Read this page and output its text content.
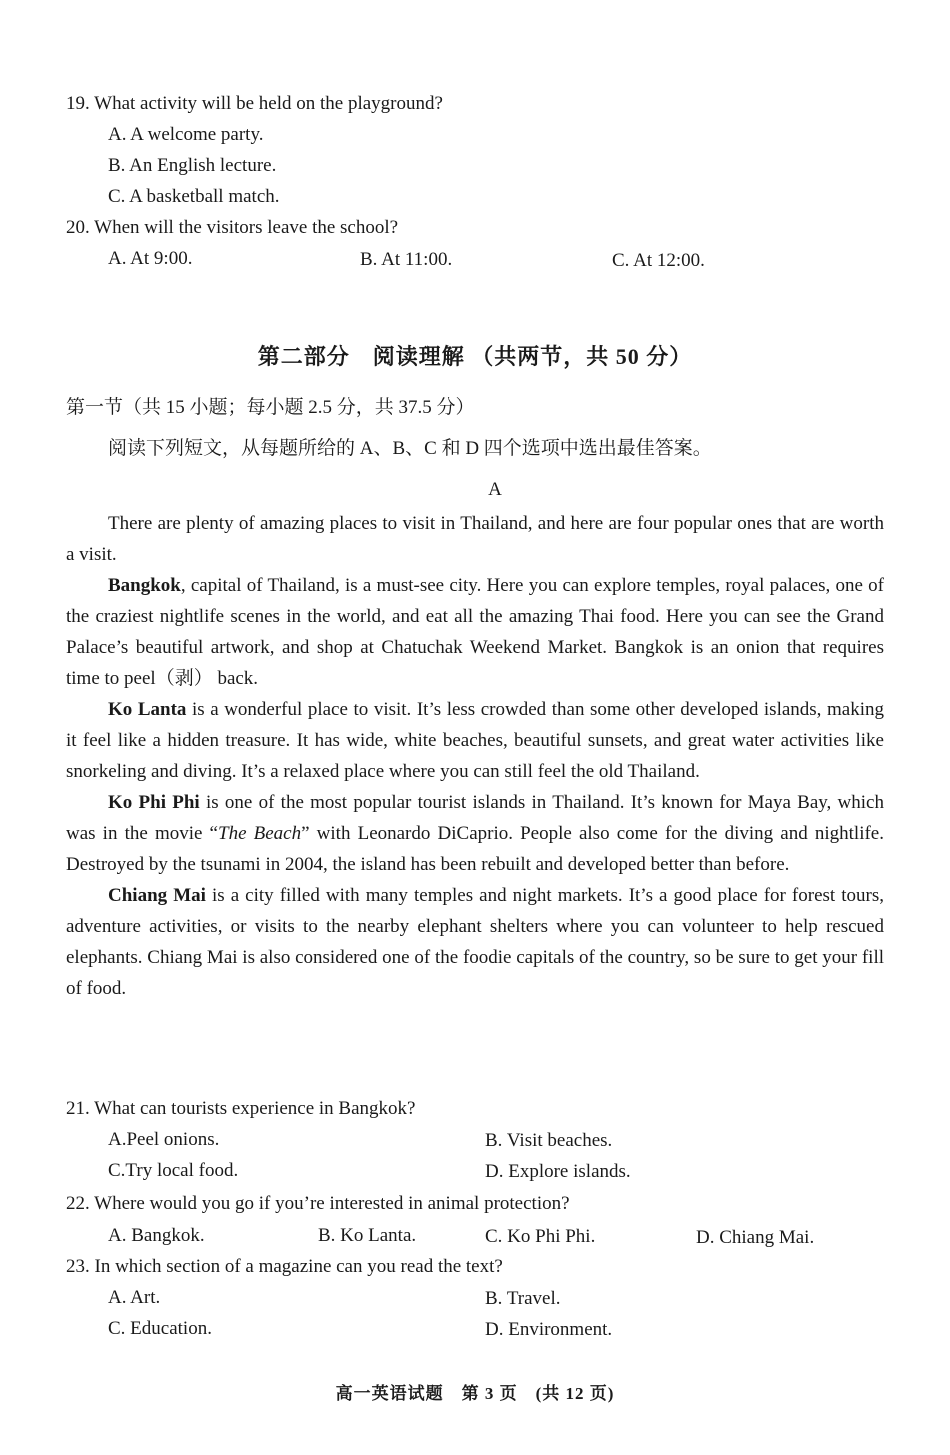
19. What activity will be held on the playground?
A. A welcome party.
B. An English lecture.
C. A basketball match.
20. When will the visitors leave the school?
A. At 9:00.	B. At 11:00.	C. At 12:00.
第二部分　阅读理解 （共两节，共 50 分）
第一节（共 15 小题；每小题 2.5 分，共 37.5 分）
阅读下列短文，从每题所给的 A、B、C 和 D 四个选项中选出最佳答案。
A

There are plenty of amazing places to visit in Thailand, and here are four popular ones that are worth a visit.

Bangkok, capital of Thailand, is a must-see city. Here you can explore temples, royal palaces, one of the craziest nightlife scenes in the world, and eat all the amazing Thai food. Here you can see the Grand Palace’s beautiful artwork, and shop at Chatuchak Weekend Market. Bangkok is an onion that requires time to peel（剥） back.

Ko Lanta is a wonderful place to visit. It’s less crowded than some other developed islands, making it feel like a hidden treasure. It has wide, white beaches, beautiful sunsets, and great water activities like snorkeling and diving. It’s a relaxed place where you can still feel the old Thailand.

Ko Phi Phi is one of the most popular tourist islands in Thailand. It’s known for Maya Bay, which was in the movie “The Beach” with Leonardo DiCaprio. People also come for the diving and nightlife. Destroyed by the tsunami in 2004, the island has been rebuilt and developed better than before.

Chiang Mai is a city filled with many temples and night markets. It’s a good place for forest tours, adventure activities, or visits to the nearby elephant shelters where you can volunteer to help rescued elephants. Chiang Mai is also considered one of the foodie capitals of the country, so be sure to get your fill of food.

21. What can tourists experience in Bangkok?
A.Peel onions.	B. Visit beaches.
C.Try local food.	D. Explore islands.
22. Where would you go if you’re interested in animal protection?
A. Bangkok.	B. Ko Lanta.	C. Ko Phi Phi.	D. Chiang Mai.
23. In which section of a magazine can you read the text?
A. Art.	B. Travel.
C. Education.	D. Environment.
高一英语试题　第 3 页　(共 12 页)
